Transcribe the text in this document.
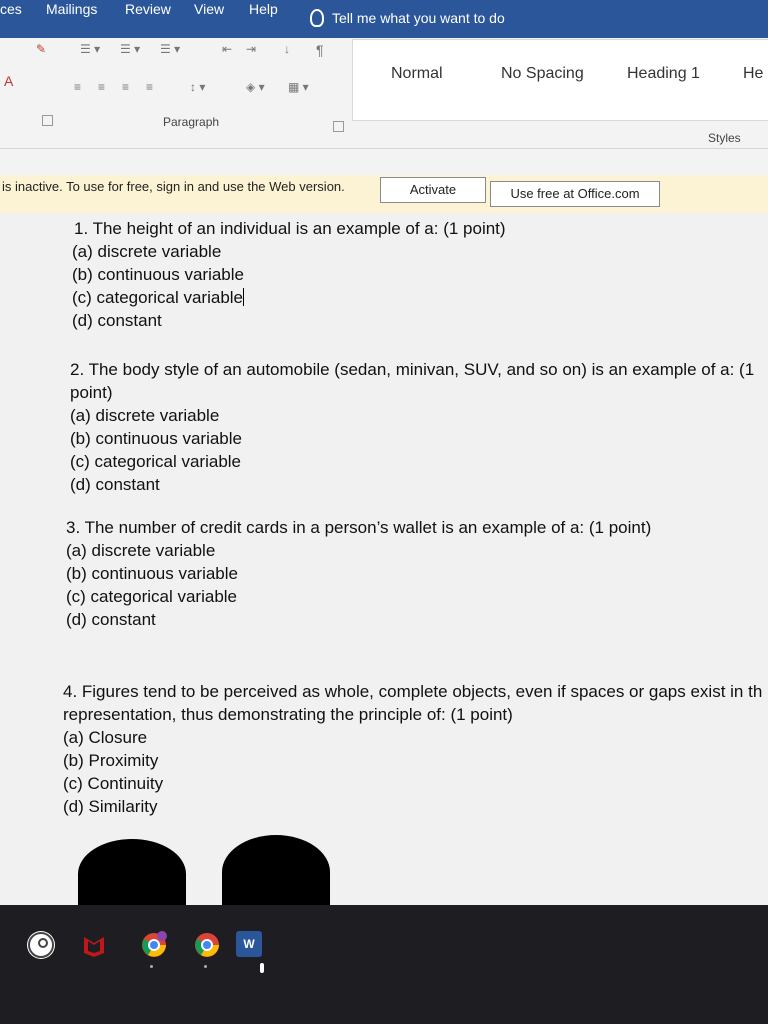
ces Mailings Review View Help
Tell me what you want to do
✎
A
☰ ▾ ☰ ▾ ☰ ▾	⇤ ⇥ ↓ ¶
≡ ≡ ≡ ≡	↕ ▾	◈ ▾ ▦ ▾
Paragraph
Normal	No Spacing	Heading 1	He
Styles
is inactive. To use for free, sign in and use the Web version.	Activate	Use free at Office.com

1. The height of an individual is an example of a: (1 point)

(a) discrete variable

(b) continuous variable

(c) categorical variable

(d) constant

2. The body style of an automobile (sedan, minivan, SUV, and so on) is an example of a: (1

point)

(a) discrete variable

(b) continuous variable

(c) categorical variable

(d) constant

3. The number of credit cards in a person’s wallet is an example of a: (1 point)

(a) discrete variable

(b) continuous variable

(c) categorical variable

(d) constant

4. Figures tend to be perceived as whole, complete objects, even if spaces or gaps exist in th

representation, thus demonstrating the principle of: (1 point)

(a) Closure

(b) Proximity

(c) Continuity

(d) Similarity

W
